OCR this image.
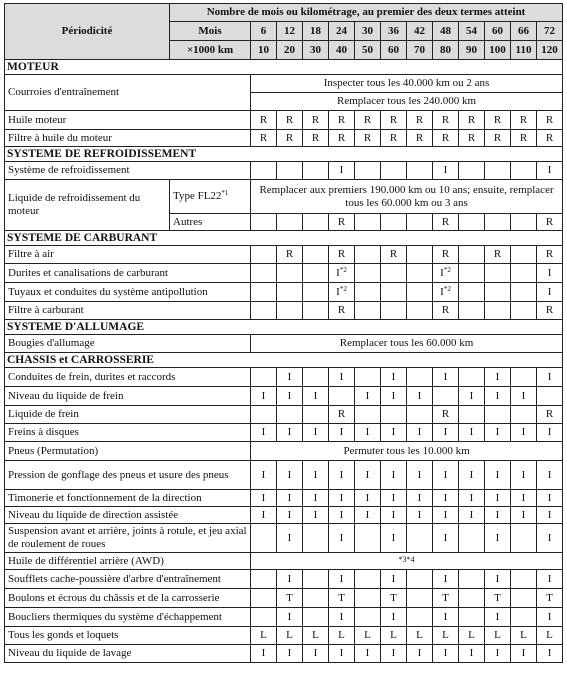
Périodicité	Nombre de mois ou kilométrage, au premier des deux termes atteint												
	Mois	6	12	18	24	30	36	42	48	54	60	66	72
	×1000 km	10	20	30	40	50	60	70	80	90	100	110	120
MOTEUR													
Courroies d'entraînement		Inspecter tous les 40.000 km ou 2 ans											
		Remplacer tous les 240.000 km											
Huile moteur		R	R	R	R	R	R	R	R	R	R	R	R
Filtre à huile du moteur		R	R	R	R	R	R	R	R	R	R	R	R
SYSTEME DE REFROIDISSEMENT													
Système de refroidissement					I				I				I
Liquide de refroidissement du moteur	Type FL22$^{*1}$	Remplacer aux premiers 190.000 km ou 10 ans; ensuite, remplacer tous les 60.000 km ou 3 ans											
	Autres				R				R				R
SYSTEME DE CARBURANT													
Filtre à air			R		R		R		R		R		R
Durites et canalisations de carburant					$I^{*2}$				$I^{*2}$				I
Tuyaux et conduites du système antipollution					$I^{*2}$				$I^{*2}$				I
Filtre à carburant					R				R				R
SYSTEME D'ALLUMAGE													
Bougies d'allumage		Remplacer tous les 60.000 km											
CHASSIS et CARROSSERIE													
Conduites de frein, durites et raccords			I		I		I		I		I		I
Niveau du liquide de frein		I	I	I		I	I	I		I	I	I	
Liquide de frein					R				R				R
Freins à disques		I	I	I	I	I	I	I	I	I	I	I	I
Pneus (Permutation)		Permuter tous les 10.000 km											
Pression de gonflage des pneus et usure des pneus		I	I	I	I	I	I	I	I	I	I	I	I
Timonerie et fonctionnement de la direction		I	I	I	I	I	I	I	I	I	I	I	I
Niveau du liquide de direction assistée		I	I	I	I	I	I	I	I	I	I	I	I
Suspension avant et arrière, joints à rotule, et jeu axial de roulement de roues			I		I		I		I		I		I
Huile de différentiel arrière (AWD)		$^{*3*4}$
Soufflets cache-poussière d'arbre d'entraînement			I		I		I		I		I		I
Boulons et écrous du châssis et de la carrosserie			T		T		T		T		T		T
Boucliers thermiques du système d'échappement			I		I		I		I		I		I
Tous les gonds et loquets		L	L	L	L	L	L	L	L	L	L	L	L
Niveau du liquide de lavage		I	I	I	I	I	I	I	I	I	I	I	I
